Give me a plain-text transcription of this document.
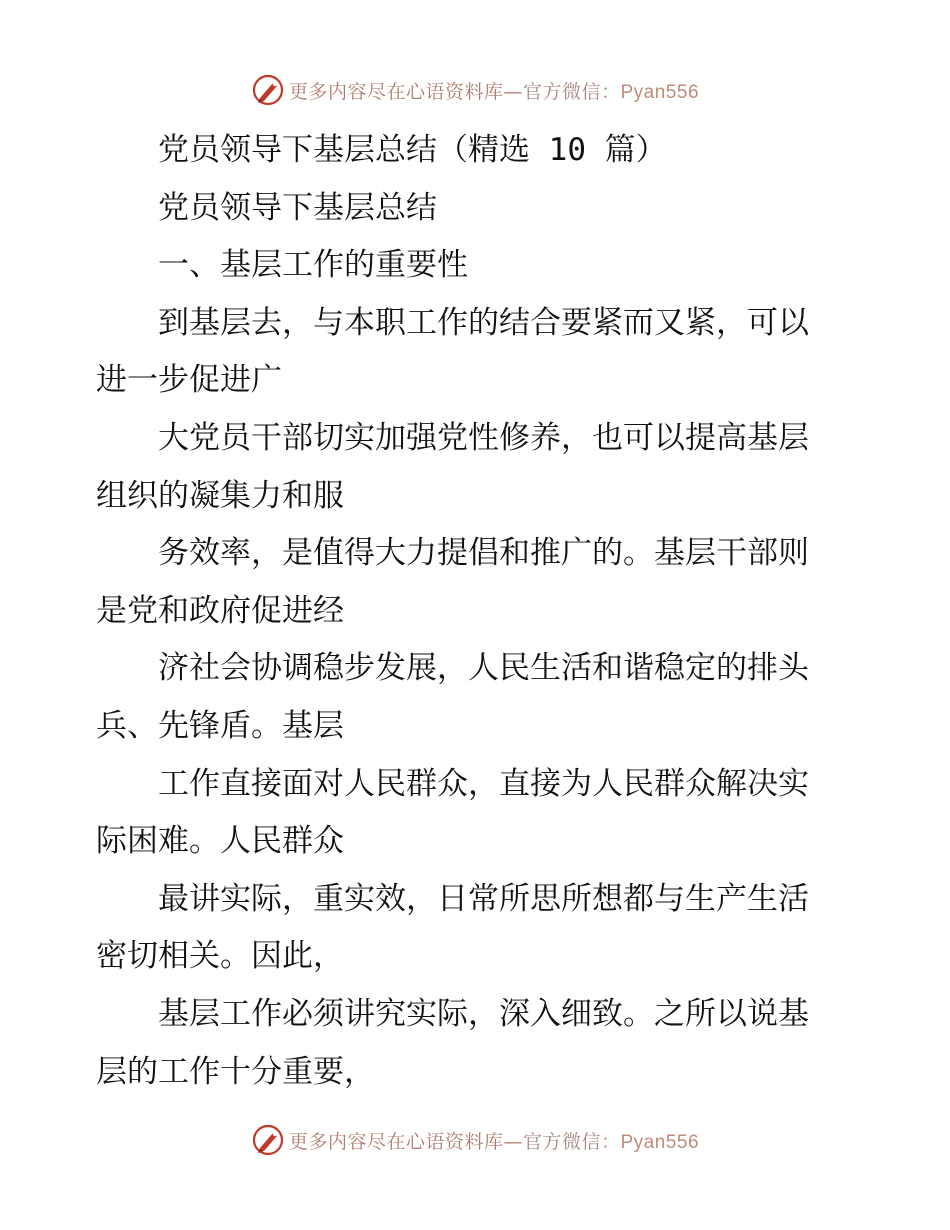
更多内容尽在心语资料库—官方微信：Pyan556

党员领导下基层总结（精选 10 篇）

党员领导下基层总结

一、基层工作的重要性

到基层去，与本职工作的结合要紧而又紧，可以
进一步促进广
大党员干部切实加强党性修养，也可以提高基层
组织的凝集力和服
务效率，是值得大力提倡和推广的。基层干部则
是党和政府促进经
济社会协调稳步发展，人民生活和谐稳定的排头
兵、先锋盾。基层
工作直接面对人民群众，直接为人民群众解决实
际困难。人民群众
最讲实际，重实效，日常所思所想都与生产生活
密切相关。因此，
基层工作必须讲究实际，深入细致。之所以说基
层的工作十分重要，
更多内容尽在心语资料库—官方微信：Pyan556
